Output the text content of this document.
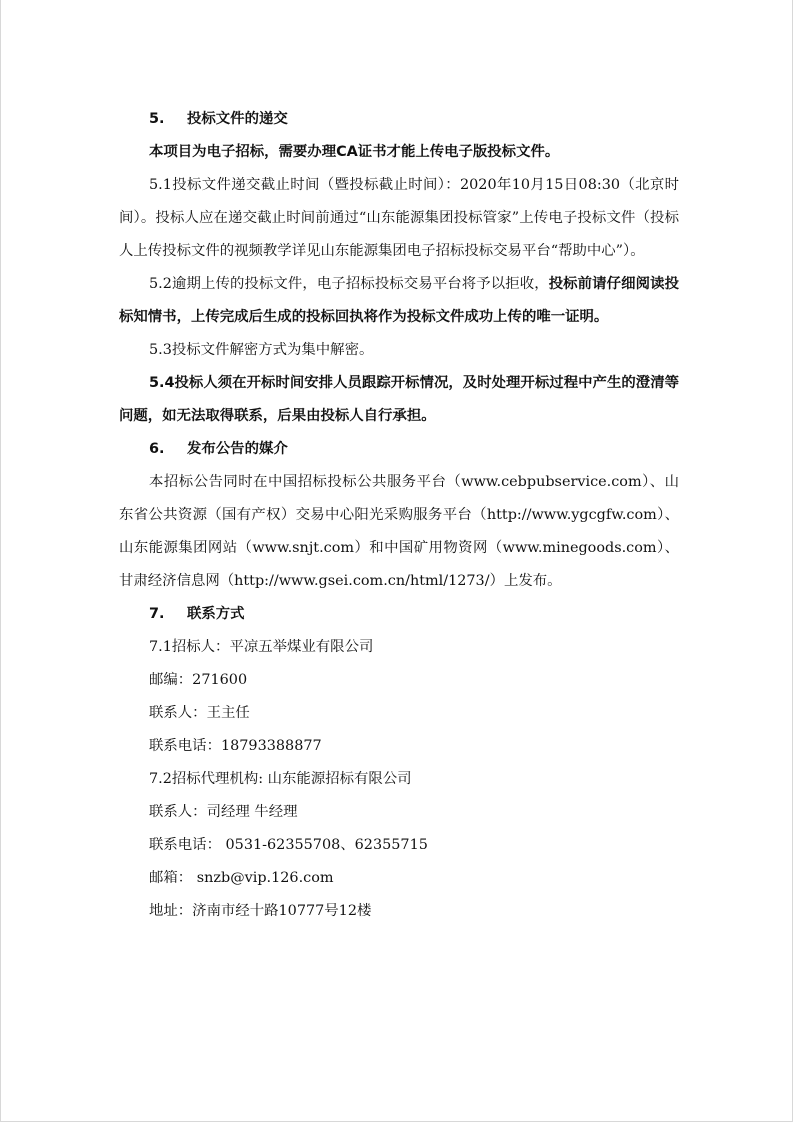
5. 投标文件的递交

本项目为电子招标，需要办理CA证书才能上传电子版投标文件。

5.1投标文件递交截止时间（暨投标截止时间）：2020年10月15日08:30（北京时间）。投标人应在递交截止时间前通过“山东能源集团投标管家”上传电子投标文件（投标人上传投标文件的视频教学详见山东能源集团电子招标投标交易平台“帮助中心”）。

5.2逾期上传的投标文件，电子招标投标交易平台将予以拒收，投标前请仔细阅读投标知情书，上传完成后生成的投标回执将作为投标文件成功上传的唯一证明。

5.3投标文件解密方式为集中解密。

5.4投标人须在开标时间安排人员跟踪开标情况，及时处理开标过程中产生的澄清等问题，如无法取得联系，后果由投标人自行承担。

6. 发布公告的媒介

本招标公告同时在中国招标投标公共服务平台（www.cebpubservice.com）、山东省公共资源（国有产权）交易中心阳光采购服务平台（http://www.ygcgfw.com）、山东能源集团网站（www.snjt.com）和中国矿用物资网（www.minegoods.com）、甘肃经济信息网（http://www.gsei.com.cn/html/1273/）上发布。

7. 联系方式

7.1招标人：平凉五举煤业有限公司

邮编：271600

联系人：王主任

联系电话：18793388877

7.2招标代理机构: 山东能源招标有限公司

联系人：司经理 牛经理

联系电话： 0531-62355708、62355715

邮箱： snzb@vip.126.com

地址：济南市经十路10777号12楼
